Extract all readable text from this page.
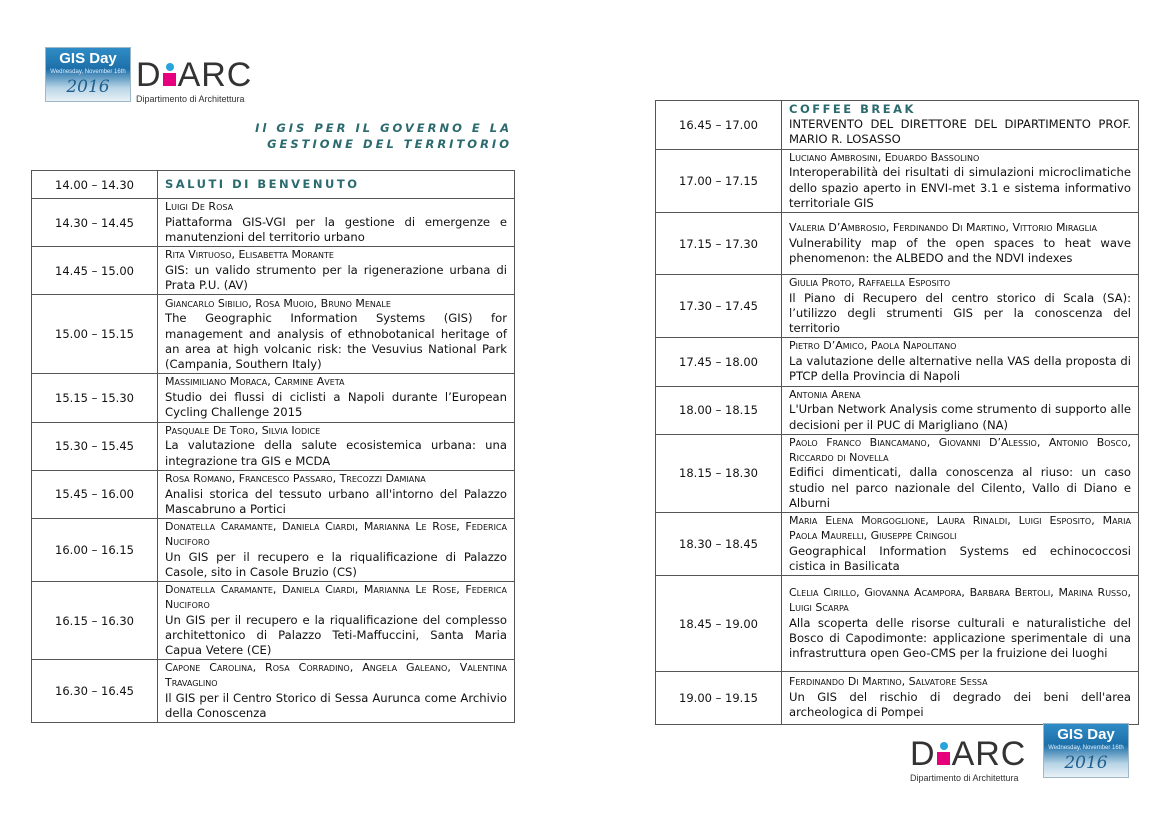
GIS Day
Wednesday, November 16th
2016 D ARC
Dipartimento di Architettura
Il GIS PER IL GOVERNO E LA
GESTIONE DEL TERRITORIO
14.00 – 14.30	SALUTI DI BENVENUTO
14.30 – 14.45	Luigi De Rosa
Piattaforma GIS-VGI per la gestione di emergenze e manutenzioni del territorio urbano

14.45 – 15.00	Rita Virtuoso, Elisabetta Morante
GIS: un valido strumento per la rigenerazione urbana di Prata P.U. (AV)

15.00 – 15.15	Giancarlo Sibilio, Rosa Muoio, Bruno Menale
The Geographic Information Systems (GIS) for management and analysis of ethnobotanical heritage of an area at high volcanic risk: the Vesuvius National Park (Campania, Southern Italy)

15.15 – 15.30	Massimiliano Moraca, Carmine Aveta
Studio dei flussi di ciclisti a Napoli durante l’European Cycling Challenge 2015

15.30 – 15.45	Pasquale De Toro, Silvia Iodice
La valutazione della salute ecosistemica urbana: una integrazione tra GIS e MCDA

15.45 – 16.00	Rosa Romano, Francesco Passaro, Trecozzi Damiana
Analisi storica del tessuto urbano all'intorno del Palazzo Mascabruno a Portici

16.00 – 16.15	Donatella Caramante, Daniela Ciardi, Marianna Le Rose, Federica Nuciforo
Un GIS per il recupero e la riqualificazione di Palazzo Casole, sito in Casole Bruzio (CS)

16.15 – 16.30	Donatella Caramante, Daniela Ciardi, Marianna Le Rose, Federica Nuciforo
Un GIS per il recupero e la riqualificazione del complesso architettonico di Palazzo Teti-Maffuccini, Santa Maria Capua Vetere (CE)

16.30 – 16.45	Capone Carolina, Rosa Corradino, Angela Galeano, Valentina Travaglino
Il GIS per il Centro Storico di Sessa Aurunca come Archivio della Conoscenza
16.45 – 17.00	COFFEE BREAK
INTERVENTO DEL DIRETTORE DEL DIPARTIMENTO PROF. MARIO R. LOSASSO

17.00 – 17.15	Luciano Ambrosini, Eduardo Bassolino
Interoperabilità dei risultati di simulazioni microclimatiche dello spazio aperto in ENVI-met 3.1 e sistema informativo territoriale GIS

17.15 – 17.30	Valeria D’Ambrosio, Ferdinando Di Martino, Vittorio Miraglia
Vulnerability map of the open spaces to heat wave phenomenon: the ALBEDO and the NDVI indexes

17.30 – 17.45	Giulia Proto, Raffaella Esposito
Il Piano di Recupero del centro storico di Scala (SA): l’utilizzo degli strumenti GIS per la conoscenza del territorio

17.45 – 18.00	Pietro D’Amico, Paola Napolitano
La valutazione delle alternative nella VAS della proposta di PTCP della Provincia di Napoli

18.00 – 18.15	Antonia Arena
L'Urban Network Analysis come strumento di supporto alle decisioni per il PUC di Marigliano (NA)

18.15 – 18.30	Paolo Franco Biancamano, Giovanni D’Alessio, Antonio Bosco, Riccardo di Novella
Edifici dimenticati, dalla conoscenza al riuso: un caso studio nel parco nazionale del Cilento, Vallo di Diano e Alburni

18.30 – 18.45	Maria Elena Morgoglione, Laura Rinaldi, Luigi Esposito, Maria Paola Maurelli, Giuseppe Cringoli
Geographical Information Systems ed echinococcosi cistica in Basilicata

18.45 – 19.00	Clelia Cirillo, Giovanna Acampora, Barbara Bertoli, Marina Russo, Luigi Scarpa
Alla scoperta delle risorse culturali e naturalistiche del Bosco di Capodimonte: applicazione sperimentale di una infrastruttura open Geo-CMS per la fruizione dei luoghi

19.00 – 19.15	Ferdinando Di Martino, Salvatore Sessa
Un GIS del rischio di degrado dei beni dell'area archeologica di Pompei
D ARC
Dipartimento di Architettura
GIS Day
Wednesday, November 16th
2016
